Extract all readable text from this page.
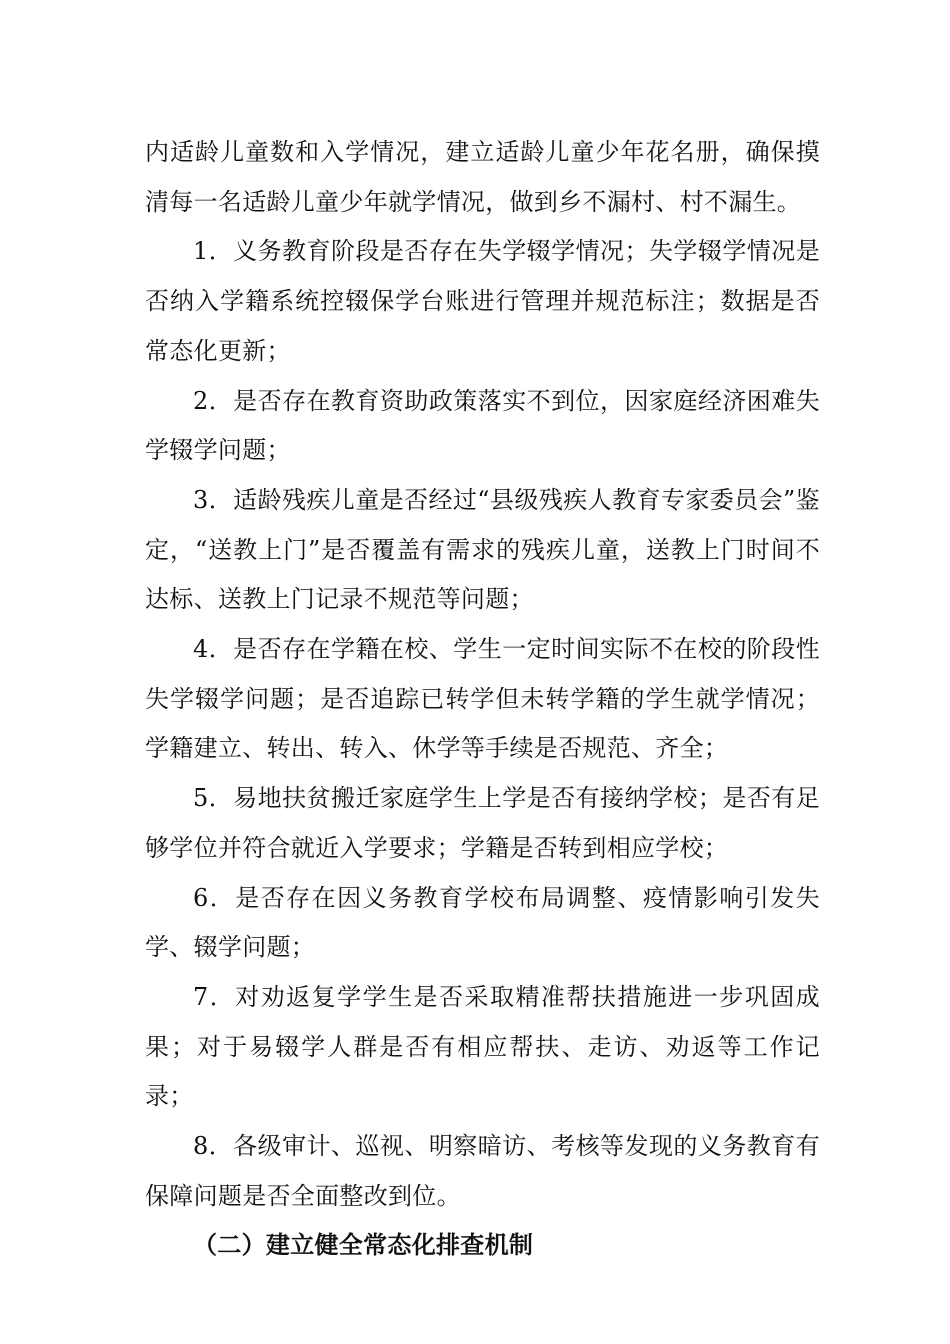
内适龄儿童数和入学情况，建立适龄儿童少年花名册，确保摸清每一名适龄儿童少年就学情况，做到乡不漏村、村不漏生。

1．义务教育阶段是否存在失学辍学情况；失学辍学情况是否纳入学籍系统控辍保学台账进行管理并规范标注；数据是否常态化更新；

2．是否存在教育资助政策落实不到位，因家庭经济困难失学辍学问题；

3．适龄残疾儿童是否经过“县级残疾人教育专家委员会”鉴定，“送教上门”是否覆盖有需求的残疾儿童，送教上门时间不达标、送教上门记录不规范等问题；

4．是否存在学籍在校、学生一定时间实际不在校的阶段性失学辍学问题；是否追踪已转学但未转学籍的学生就学情况；学籍建立、转出、转入、休学等手续是否规范、齐全；

5．易地扶贫搬迁家庭学生上学是否有接纳学校；是否有足够学位并符合就近入学要求；学籍是否转到相应学校；

6．是否存在因义务教育学校布局调整、疫情影响引发失学、辍学问题；

7．对劝返复学学生是否采取精准帮扶措施进一步巩固成果；对于易辍学人群是否有相应帮扶、走访、劝返等工作记录；

8．各级审计、巡视、明察暗访、考核等发现的义务教育有保障问题是否全面整改到位。

（二）建立健全常态化排查机制
